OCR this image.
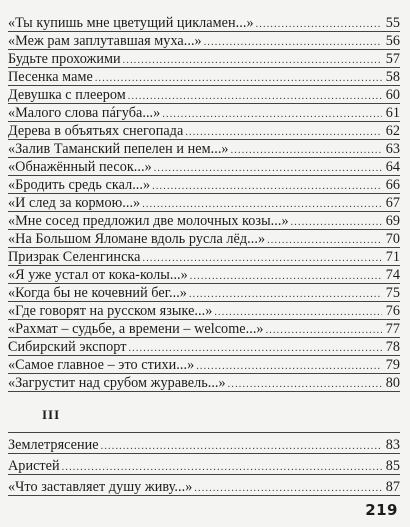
«Ты купишь мне цветущий цикламен...» .....	55
«Меж рам заплутавшая муха...» .....	56
Будьте прохожими .....	57
Песенка маме .....	58
Девушка с плеером .....	60
«Малого слова пáгуба...» .....	61
Дерева в объятьях снегопада .....	62
«Залив Таманский пепелен и нем...» .....	63
«Обнажённый песок...» .....	64
«Бродить средь скал...» .....	66
«И след за кормою...» .....	67
«Мне сосед предложил две молочных козы...» .....	69
«На Большом Яломане вдоль русла лёд...» .....	70
Призрак Селенгинска .....	71
«Я уже устал от кока-колы...» .....	74
«Когда бы не кочевний бег...» .....	75
«Где говорят на русском языке...» .....	76
«Рахмат – судьбе, а времени – welcome...» .....	77
Сибирский экспорт .....	78
«Самое главное – это стихи...» .....	79
«Загрустит над срубом журавель...» .....	80
III
Землетрясение .....	83
Аристей .....	85
«Что заставляет душу живу...» .....	87
219
